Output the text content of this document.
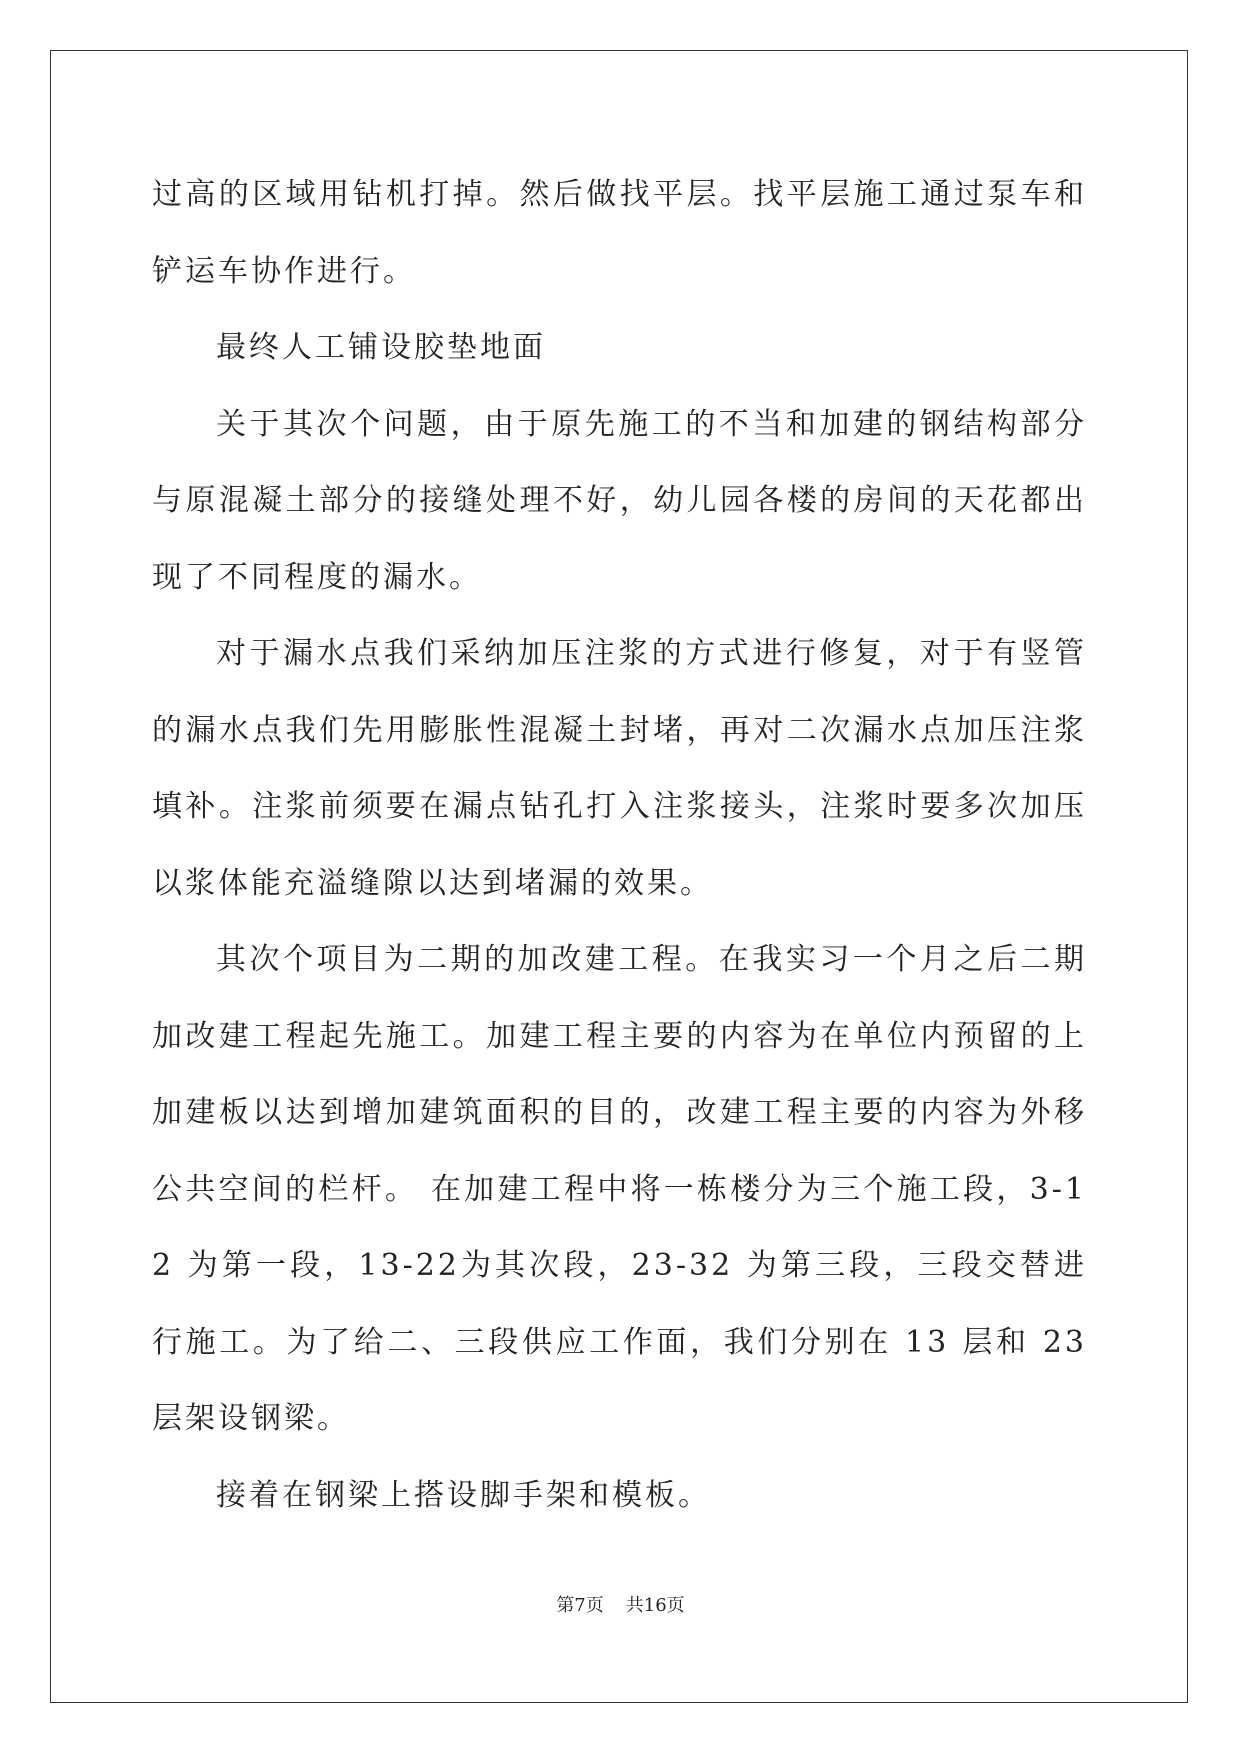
过高的区域用钻机打掉。然后做找平层。找平层施工通过泵车和铲运车协作进行。

最终人工铺设胶垫地面

关于其次个问题，由于原先施工的不当和加建的钢结构部分与原混凝土部分的接缝处理不好，幼儿园各楼的房间的天花都出现了不同程度的漏水。

对于漏水点我们采纳加压注浆的方式进行修复，对于有竖管的漏水点我们先用膨胀性混凝土封堵，再对二次漏水点加压注浆填补。注浆前须要在漏点钻孔打入注浆接头，注浆时要多次加压以浆体能充溢缝隙以达到堵漏的效果。

其次个项目为二期的加改建工程。在我实习一个月之后二期加改建工程起先施工。加建工程主要的内容为在单位内预留的上加建板以达到增加建筑面积的目的，改建工程主要的内容为外移公共空间的栏杆。 在加建工程中将一栋楼分为三个施工段，3-12 为第一段，13-22为其次段，23-32 为第三段，三段交替进行施工。为了给二、三段供应工作面，我们分别在 13 层和 23 层架设钢梁。

接着在钢梁上搭设脚手架和模板。

第7页 共16页
